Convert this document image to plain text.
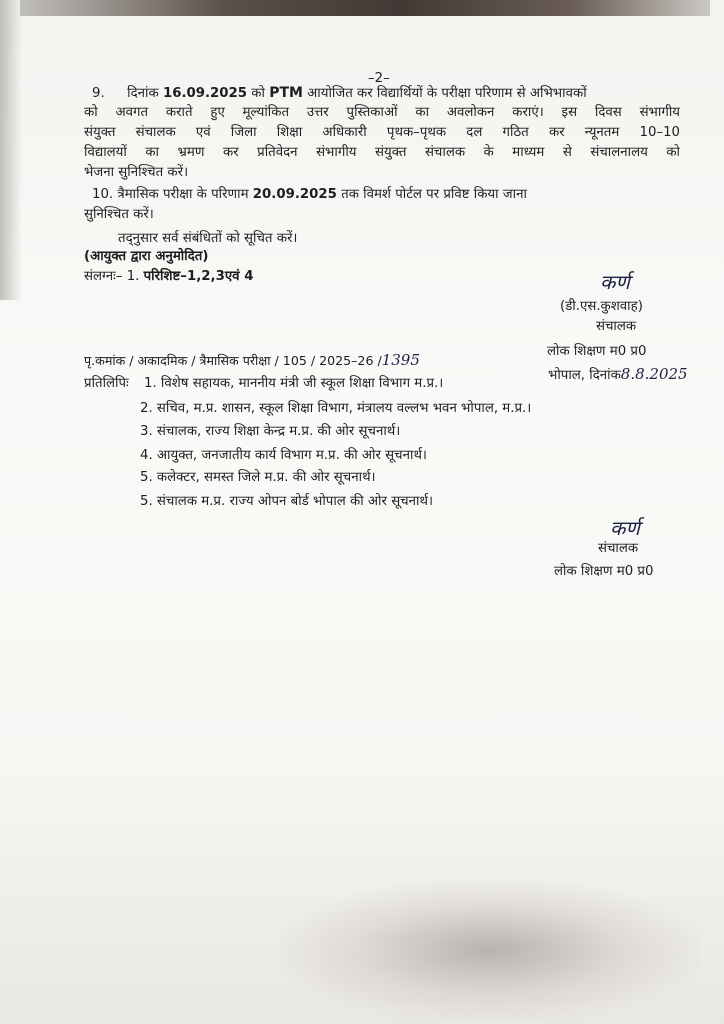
–2–
9. दिनांक 16.09.2025 को PTM आयोजित कर विद्यार्थियों के परीक्षा परिणाम से अभिभावकों
को अवगत कराते हुए मूल्यांकित उत्तर पुस्तिकाओं का अवलोकन कराएं। इस दिवस संभागीय
संयुक्त संचालक एवं जिला शिक्षा अधिकारी पृथक–पृथक दल गठित कर न्यूनतम 10–10
विद्यालयों का भ्रमण कर प्रतिवेदन संभागीय संयुक्त संचालक के माध्यम से संचालनालय को
भेजना सुनिश्चित करें।
10. त्रैमासिक परीक्षा के परिणाम 20.09.2025 तक विमर्श पोर्टल पर प्रविष्ट किया जाना
सुनिश्चित करें।
तद्नुसार सर्व संबंधितों को सूचित करें।
(आयुक्त द्वारा अनुमोदित)
संलग्नः– 1. परिशिष्ट–1,2,3एवं 4	कर्ण
(डी.एस.कुशवाह)
संचालक
लोक शिक्षण म0 प्र0
भोपाल, दिनांक8.8.2025
पृ.कमांक / अकादमिक / त्रैमासिक परीक्षा / 105 / 2025–26 /1395
प्रतिलिपिः 1. विशेष सहायक, माननीय मंत्री जी स्कूल शिक्षा विभाग म.प्र.।
2. सचिव, म.प्र. शासन, स्कूल शिक्षा विभाग, मंत्रालय वल्लभ भवन भोपाल, म.प्र.।
3. संचालक, राज्य शिक्षा केन्द्र म.प्र. की ओर सूचनार्थ।
4. आयुक्त, जनजातीय कार्य विभाग म.प्र. की ओर सूचनार्थ।
5. कलेक्टर, समस्त जिले म.प्र. की ओर सूचनार्थ।
5. संचालक म.प्र. राज्य ओपन बोर्ड भोपाल की ओर सूचनार्थ।
कर्ण
संचालक
लोक शिक्षण म0 प्र0
